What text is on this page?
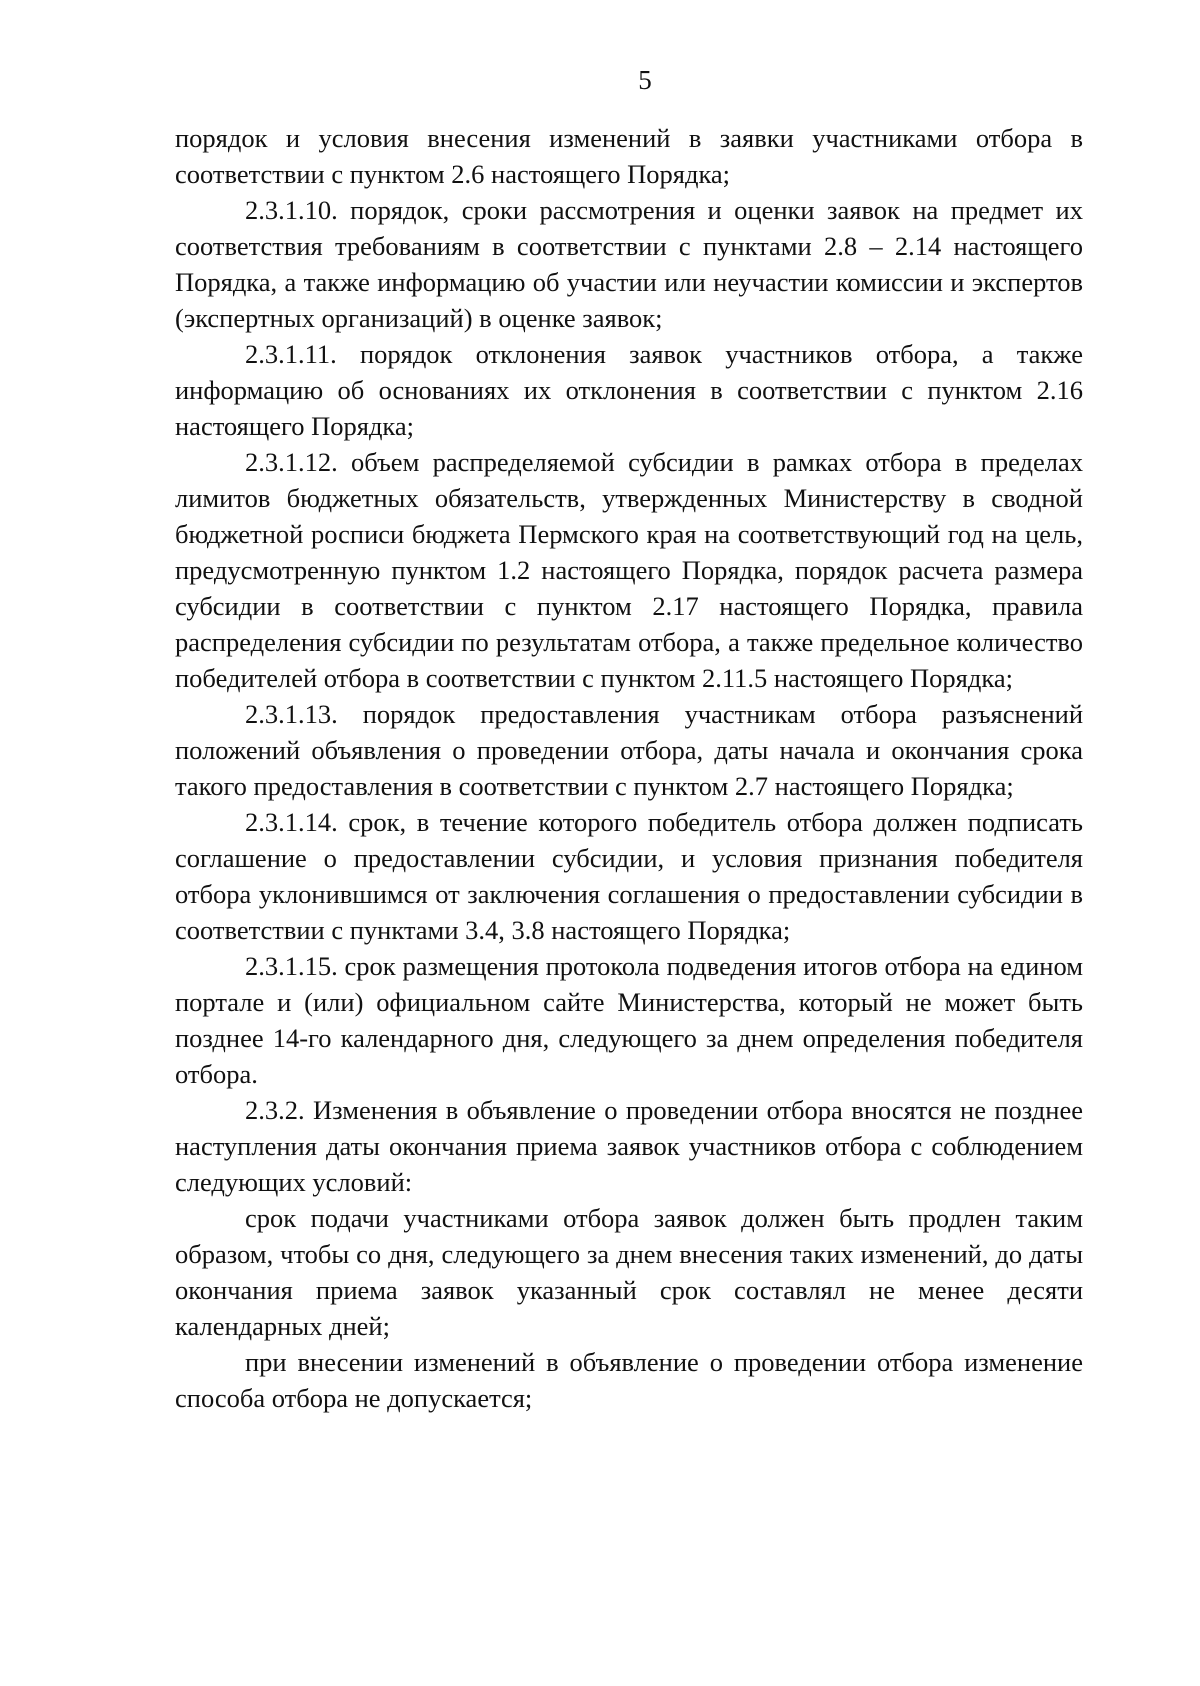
5

порядок и условия внесения изменений в заявки участниками отбора в соответствии с пунктом 2.6 настоящего Порядка;

2.3.1.10. порядок, сроки рассмотрения и оценки заявок на предмет их соответствия требованиям в соответствии с пунктами 2.8 – 2.14 настоящего Порядка, а также информацию об участии или неучастии комиссии и экспертов (экспертных организаций) в оценке заявок;

2.3.1.11. порядок отклонения заявок участников отбора, а также информацию об основаниях их отклонения в соответствии с пунктом 2.16 настоящего Порядка;

2.3.1.12. объем распределяемой субсидии в рамках отбора в пределах лимитов бюджетных обязательств, утвержденных Министерству в сводной бюджетной росписи бюджета Пермского края на соответствующий год на цель, предусмотренную пунктом 1.2 настоящего Порядка, порядок расчета размера субсидии в соответствии с пунктом 2.17 настоящего Порядка, правила распределения субсидии по результатам отбора, а также предельное количество победителей отбора в соответствии с пунктом 2.11.5 настоящего Порядка;

2.3.1.13. порядок предоставления участникам отбора разъяснений положений объявления о проведении отбора, даты начала и окончания срока такого предоставления в соответствии с пунктом 2.7 настоящего Порядка;

2.3.1.14. срок, в течение которого победитель отбора должен подписать соглашение о предоставлении субсидии, и условия признания победителя отбора уклонившимся от заключения соглашения о предоставлении субсидии в соответствии с пунктами 3.4, 3.8 настоящего Порядка;

2.3.1.15. срок размещения протокола подведения итогов отбора на едином портале и (или) официальном сайте Министерства, который не может быть позднее 14-го календарного дня, следующего за днем определения победителя отбора.

2.3.2. Изменения в объявление о проведении отбора вносятся не позднее наступления даты окончания приема заявок участников отбора с соблюдением следующих условий:

срок подачи участниками отбора заявок должен быть продлен таким образом, чтобы со дня, следующего за днем внесения таких изменений, до даты окончания приема заявок указанный срок составлял не менее десяти календарных дней;

при внесении изменений в объявление о проведении отбора изменение способа отбора не допускается;
